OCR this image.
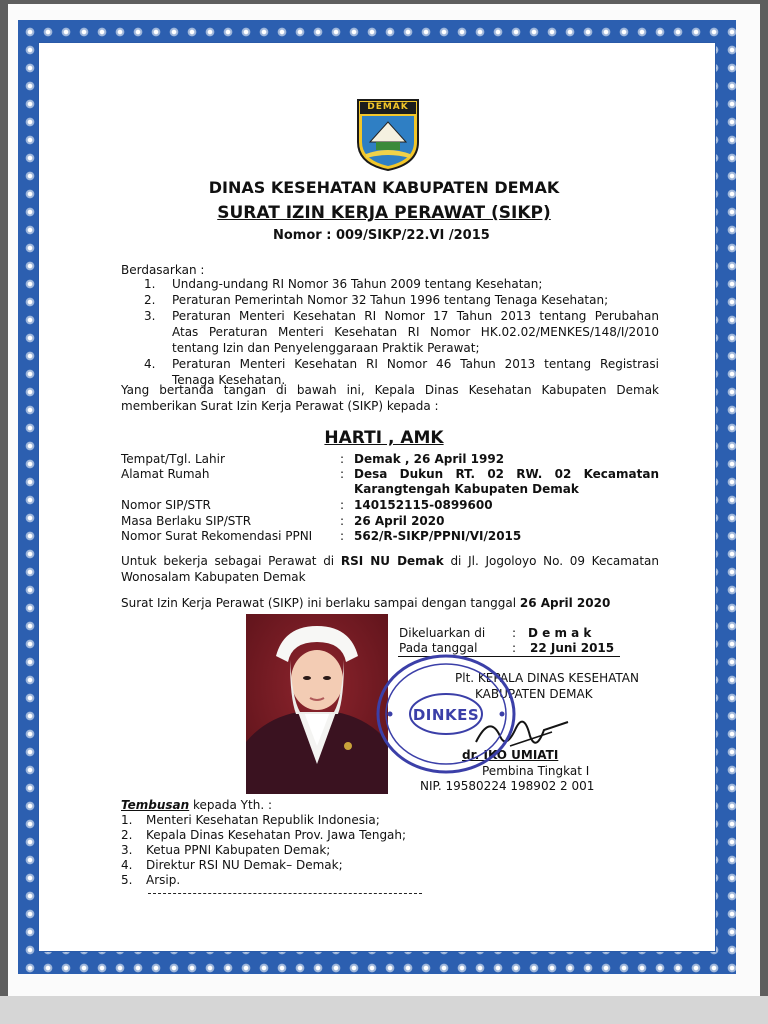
DEMAK
DINAS KESEHATAN KABUPATEN DEMAK
SURAT IZIN KERJA PERAWAT (SIKP)
Nomor : 009/SIKP/22.VI /2015
Berdasarkan :
1. Undang-undang RI Nomor 36 Tahun 2009 tentang Kesehatan;
2. Peraturan Pemerintah Nomor 32 Tahun 1996 tentang Tenaga Kesehatan;
3. Peraturan Menteri Kesehatan RI Nomor 17 Tahun 2013 tentang Perubahan
Atas Peraturan Menteri Kesehatan RI Nomor HK.02.02/MENKES/148/I/2010
tentang Izin dan Penyelenggaraan Praktik Perawat;
4. Peraturan Menteri Kesehatan RI Nomor 46 Tahun 2013 tentang Registrasi
Tenaga Kesehatan.
Yang bertanda tangan di bawah ini, Kepala Dinas Kesehatan Kabupaten Demak
memberikan Surat Izin Kerja Perawat (SIKP) kepada :
HARTI , AMK
Tempat/Tgl. Lahir	: Demak , 26 April 1992
Alamat Rumah	: Desa Dukun RT. 02 RW. 02 Kecamatan
Karangtengah Kabupaten Demak
Nomor SIP/STR	: 140152115-0899600
Masa Berlaku SIP/STR	: 26 April 2020
Nomor Surat Rekomendasi PPNI : 562/R-SIKP/PPNI/VI/2015
Untuk bekerja sebagai Perawat di RSI NU Demak di Jl. Jogoloyo No. 09 Kecamatan
Wonosalam Kabupaten Demak
Surat Izin Kerja Perawat (SIKP) ini berlaku sampai dengan tanggal 26 April 2020
Dikeluarkan di : D e m a k
Pada tanggal	: 22 Juni 2015
Plt. KEPALA DINAS KESEHATAN
KABUPATEN DEMAK
dr. IKO UMIATI
Pembina Tingkat I
NIP. 19580224 198902 2 001
DINKES
Tembusan kepada Yth. :
1. Menteri Kesehatan Republik Indonesia;
2. Kepala Dinas Kesehatan Prov. Jawa Tengah;
3. Ketua PPNI Kabupaten Demak;
4. Direktur RSI NU Demak– Demak;
5. Arsip.
